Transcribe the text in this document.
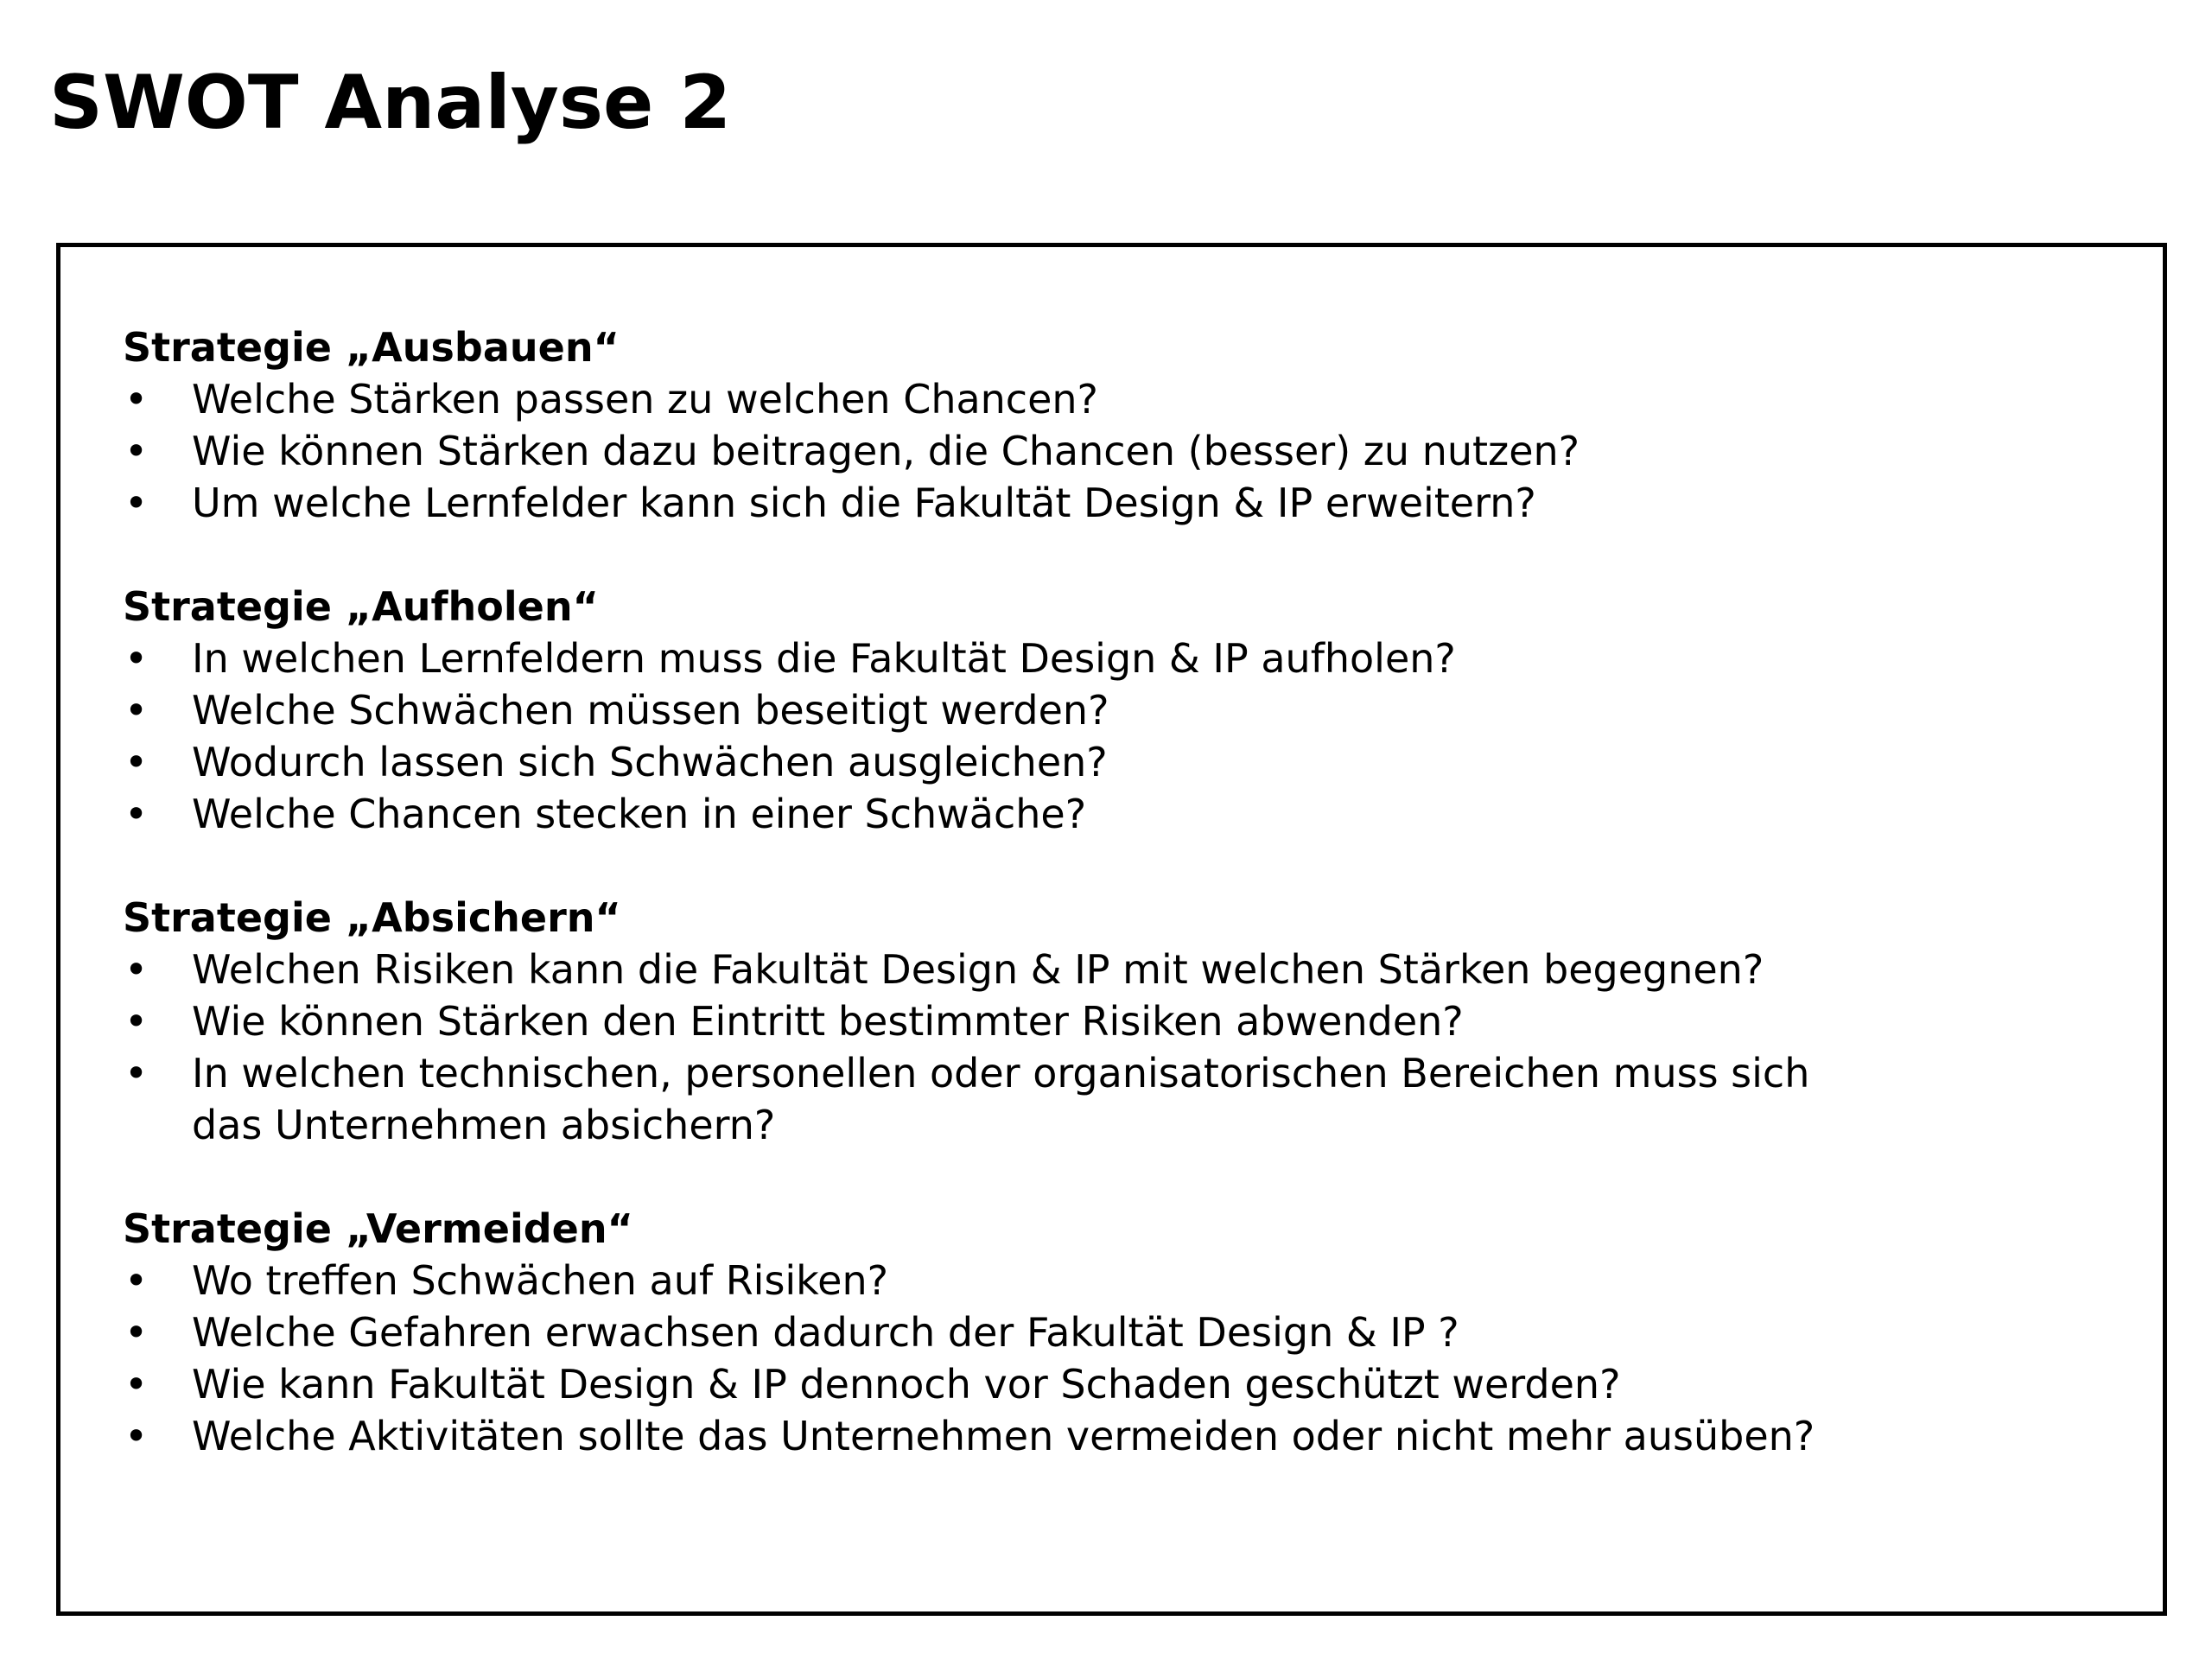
SWOT Analyse 2
Strategie „Ausbauen“
• Welche Stärken passen zu welchen Chancen?
• Wie können Stärken dazu beitragen, die Chancen (besser) zu nutzen?
• Um welche Lernfelder kann sich die Fakultät Design & IP erweitern?
Strategie „Aufholen“
• In welchen Lernfeldern muss die Fakultät Design & IP aufholen?
• Welche Schwächen müssen beseitigt werden?
• Wodurch lassen sich Schwächen ausgleichen?
• Welche Chancen stecken in einer Schwäche?
Strategie „Absichern“
• Welchen Risiken kann die Fakultät Design & IP mit welchen Stärken begegnen?
• Wie können Stärken den Eintritt bestimmter Risiken abwenden?
• In welchen technischen, personellen oder organisatorischen Bereichen muss sich das Unternehmen absichern?
Strategie „Vermeiden“
• Wo treffen Schwächen auf Risiken?
• Welche Gefahren erwachsen dadurch der Fakultät Design & IP ?
• Wie kann Fakultät Design & IP dennoch vor Schaden geschützt werden?
• Welche Aktivitäten sollte das Unternehmen vermeiden oder nicht mehr ausüben?
